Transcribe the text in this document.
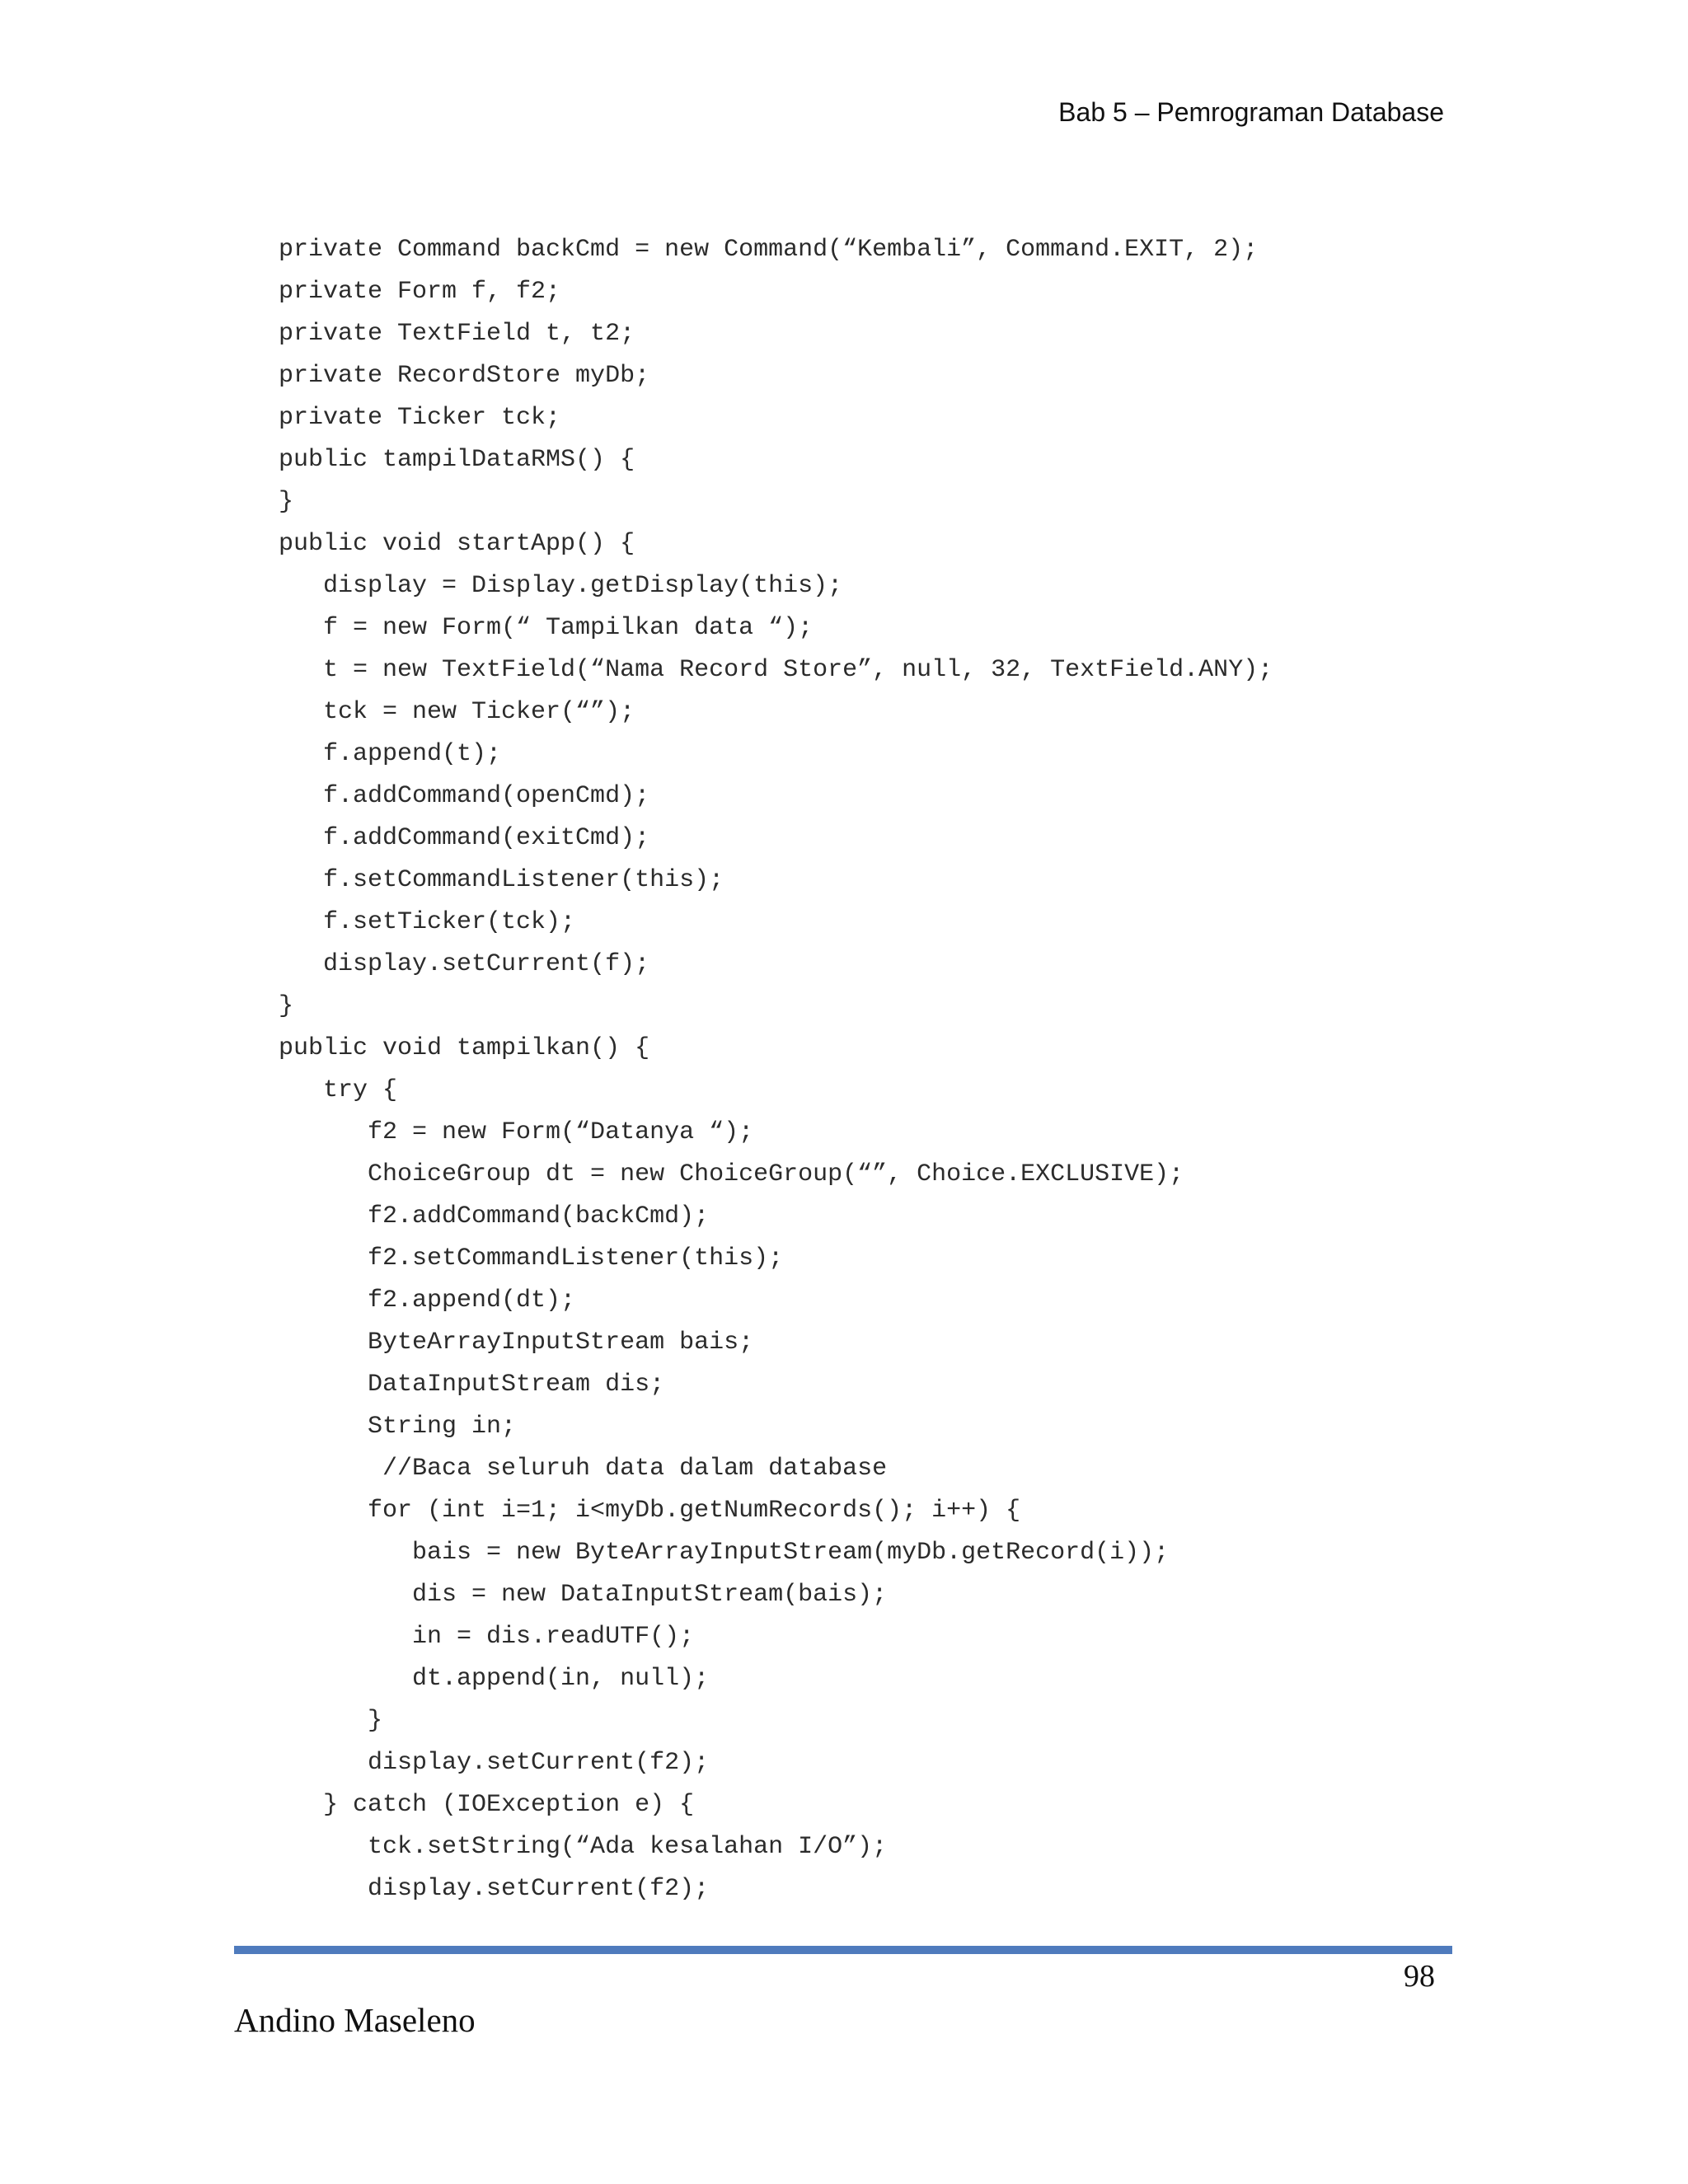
Bab 5 – Pemrograman Database
private Command backCmd = new Command(“Kembali”, Command.EXIT, 2);
private Form f, f2;
private TextField t, t2;
private RecordStore myDb;
private Ticker tck;
public tampilDataRMS() {
}
public void startApp() {
display = Display.getDisplay(this);
f = new Form(“ Tampilkan data “);
t = new TextField(“Nama Record Store”, null, 32, TextField.ANY);
tck = new Ticker(“”);
f.append(t);
f.addCommand(openCmd);
f.addCommand(exitCmd);
f.setCommandListener(this);
f.setTicker(tck);
display.setCurrent(f);
}
public void tampilkan() {
try {
f2 = new Form(“Datanya “);
ChoiceGroup dt = new ChoiceGroup(“”, Choice.EXCLUSIVE);
f2.addCommand(backCmd);
f2.setCommandListener(this);
f2.append(dt);
ByteArrayInputStream bais;
DataInputStream dis;
String in;
//Baca seluruh data dalam database
for (int i=1; i<myDb.getNumRecords(); i++) {
bais = new ByteArrayInputStream(myDb.getRecord(i));
dis = new DataInputStream(bais);
in = dis.readUTF();
dt.append(in, null);
}
display.setCurrent(f2);
} catch (IOException e) {
tck.setString(“Ada kesalahan I/O”);
display.setCurrent(f2);
98
Andino Maseleno
